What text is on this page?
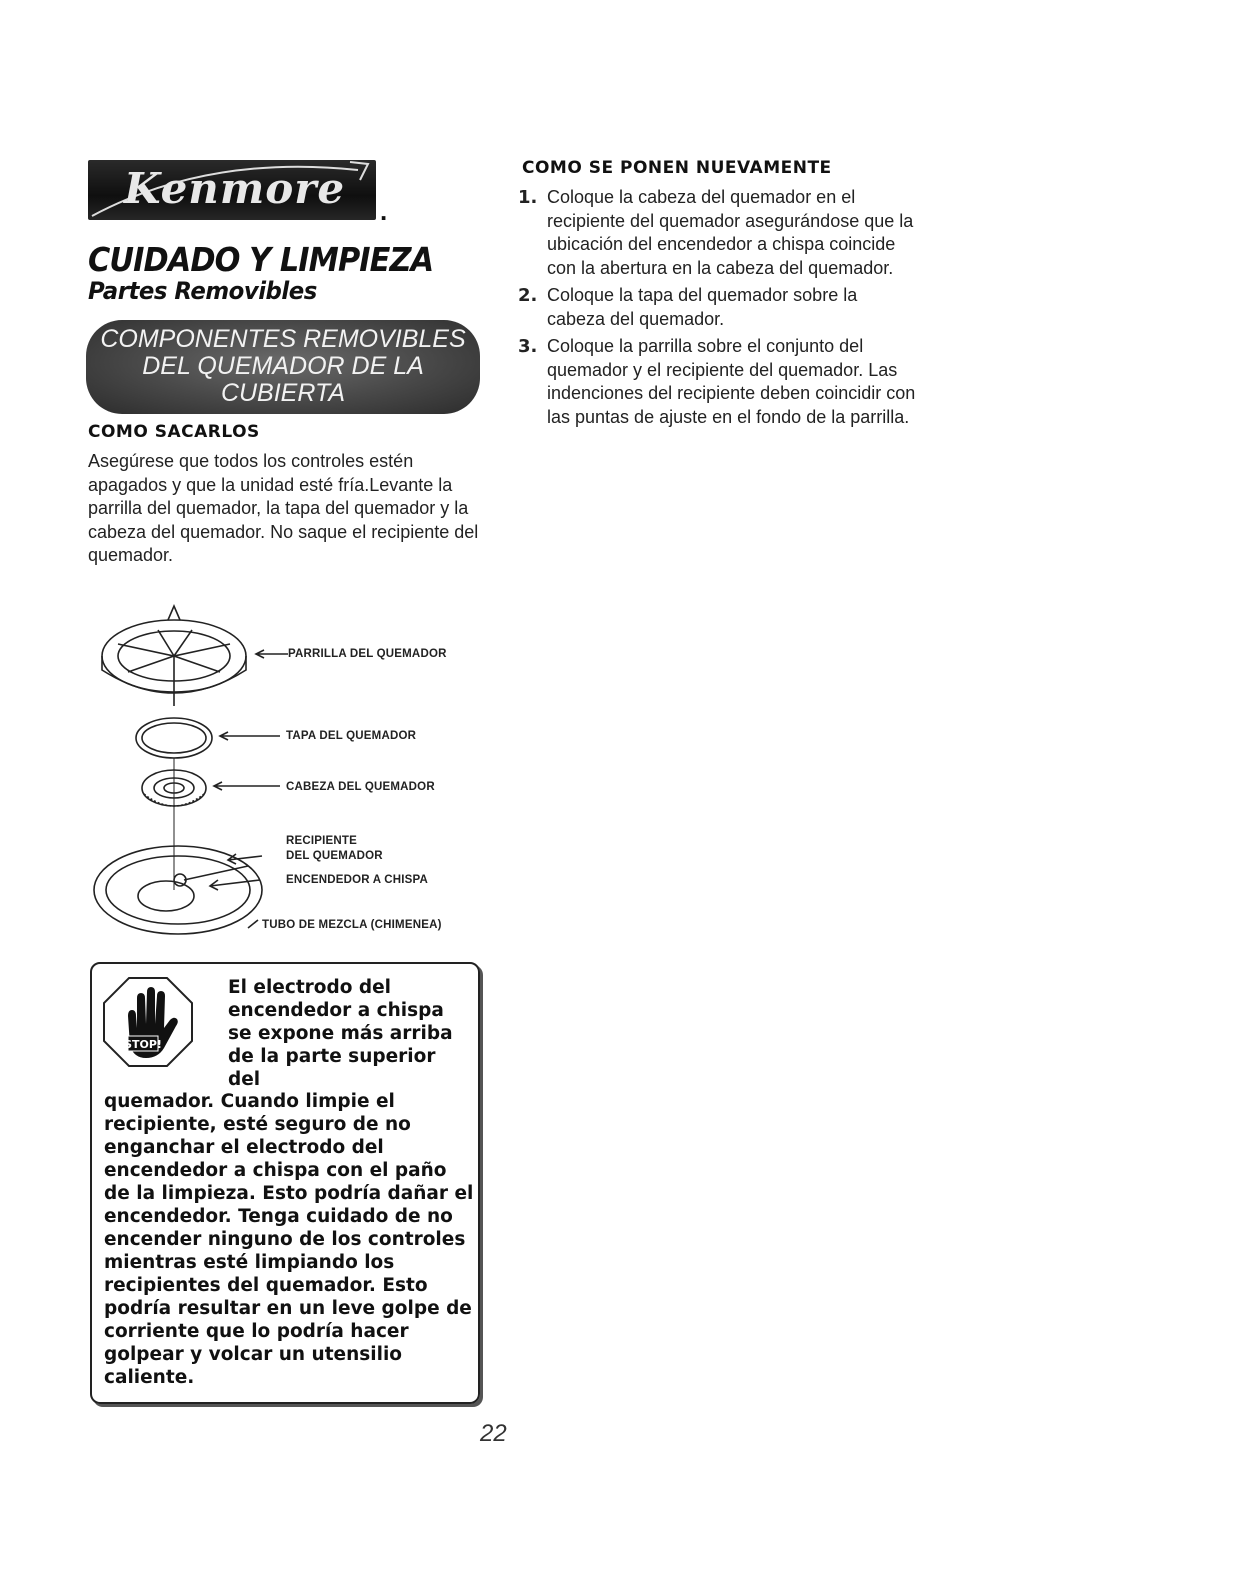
Kenmore .
CUIDADO Y LIMPIEZA
Partes Removibles
COMPONENTES REMOVIBLES
DEL QUEMADOR DE LA
CUBIERTA
COMO SACARLOS
Asegúrese que todos los controles estén apagados y que la unidad esté fría.Levante la parrilla del quemador, la tapa del quemador y la cabeza del quemador. No saque el recipiente del quemador.
PARRILLA DEL QUEMADOR
TAPA DEL QUEMADOR
CABEZA DEL QUEMADOR
RECIPIENTE
DEL QUEMADOR
ENCENDEDOR A CHISPA
TUBO DE MEZCLA (CHIMENEA)
STOP!
El electrodo del encendedor a chispa se expone más arriba de la parte superior del
quemador. Cuando limpie el recipiente, esté seguro de no enganchar el electrodo del encendedor a chispa con el paño de la limpieza. Esto podría dañar el encendedor. Tenga cuidado de no encender ninguno de los controles mientras esté limpiando los recipientes del quemador. Esto podría resultar en un leve golpe de corriente que lo podría hacer golpear y volcar un utensilio caliente.
COMO SE PONEN NUEVAMENTE
1. Coloque la cabeza del quemador en el recipiente del quemador asegurándose que la ubicación del encendedor a chispa coincide con la abertura en la cabeza del quemador.
2. Coloque la tapa del quemador sobre la cabeza del quemador.
3. Coloque la parrilla sobre el conjunto del quemador y el recipiente del quemador. Las indenciones del recipiente deben coincidir con las puntas de ajuste en el fondo de la parrilla.
22
